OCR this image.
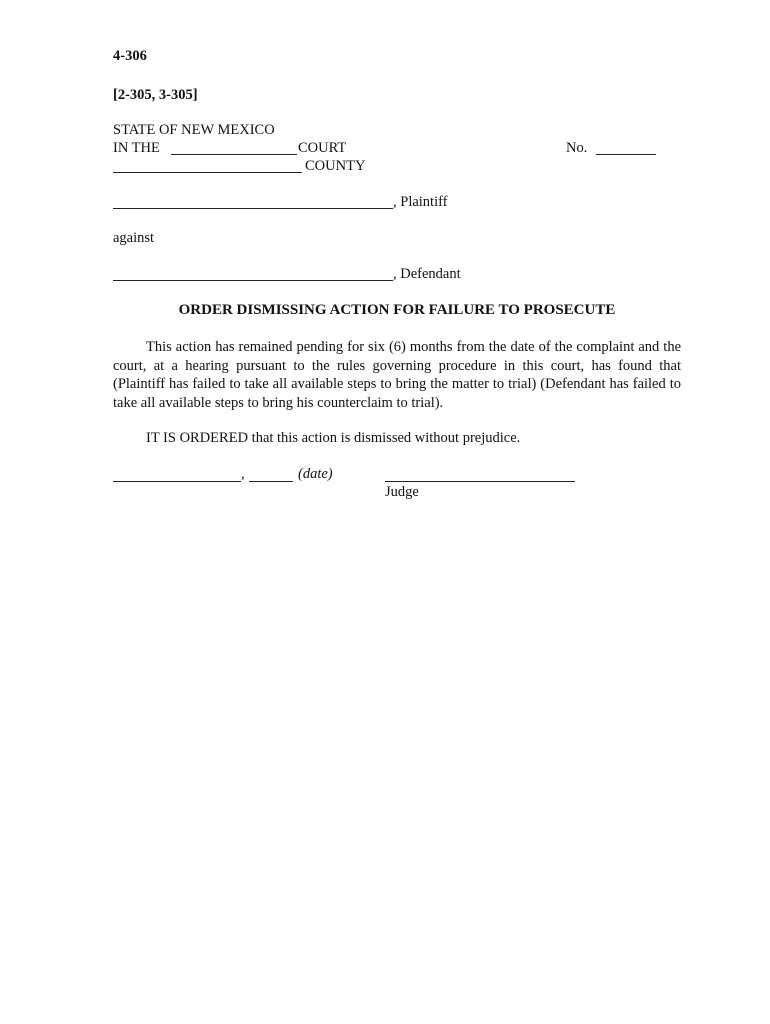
4-306
[2-305, 3-305]
STATE OF NEW MEXICO
IN THE	COURT	No.
COUNTY
, Plaintiff
against
, Defendant
ORDER DISMISSING ACTION FOR FAILURE TO PROSECUTE
This action has remained pending for six (6) months from the date of the complaint and the court, at a hearing pursuant to the rules governing procedure in this court, has found that (Plaintiff has failed to take all available steps to bring the matter to trial) (Defendant has failed to take all available steps to bring his counterclaim to trial).
IT IS ORDERED that this action is dismissed without prejudice.
,	(date)
Judge
